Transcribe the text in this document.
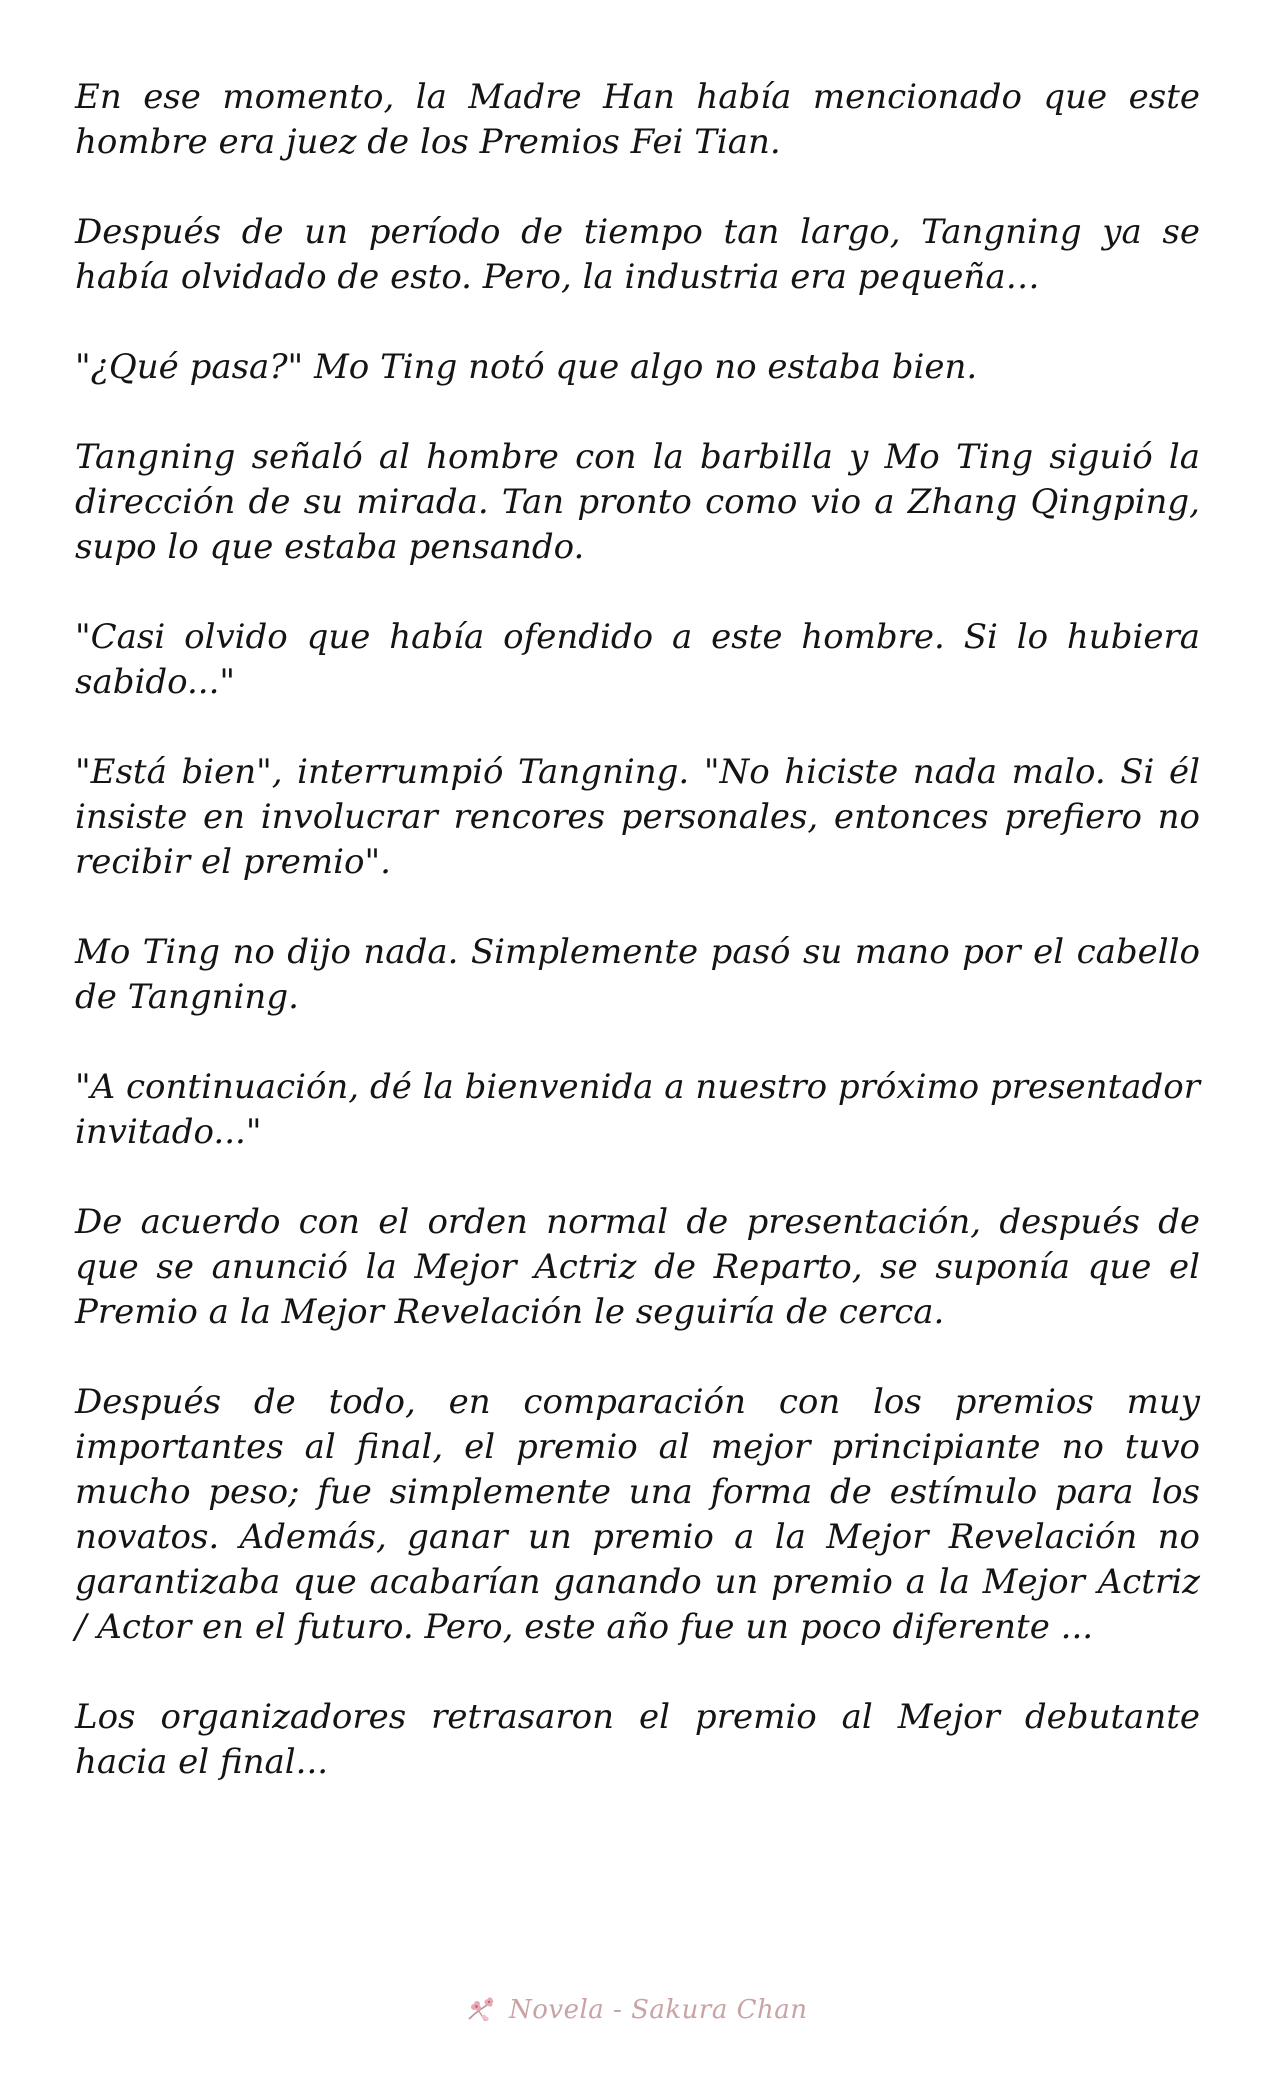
En ese momento, la Madre Han había mencionado que este hombre era juez de los Premios Fei Tian.

Después de un período de tiempo tan largo, Tangning ya se había olvidado de esto. Pero, la industria era pequeña…

"¿Qué pasa?" Mo Ting notó que algo no estaba bien.

Tangning señaló al hombre con la barbilla y Mo Ting siguió la dirección de su mirada. Tan pronto como vio a Zhang Qingping, supo lo que estaba pensando.

"Casi olvido que había ofendido a este hombre. Si lo hubiera sabido..."

"Está bien", interrumpió Tangning. "No hiciste nada malo. Si él insiste en involucrar rencores personales, entonces prefiero no recibir el premio".

Mo Ting no dijo nada. Simplemente pasó su mano por el cabello de Tangning.

"A continuación, dé la bienvenida a nuestro próximo presentador invitado..."

De acuerdo con el orden normal de presentación, después de que se anunció la Mejor Actriz de Reparto, se suponía que el Premio a la Mejor Revelación le seguiría de cerca.

Después de todo, en comparación con los premios muy importantes al final, el premio al mejor principiante no tuvo mucho peso; fue simplemente una forma de estímulo para los novatos. Además, ganar un premio a la Mejor Revelación no garantizaba que acabarían ganando un premio a la Mejor Actriz / Actor en el futuro. Pero, este año fue un poco diferente ...

Los organizadores retrasaron el premio al Mejor debutante hacia el final...

Novela - Sakura Chan
